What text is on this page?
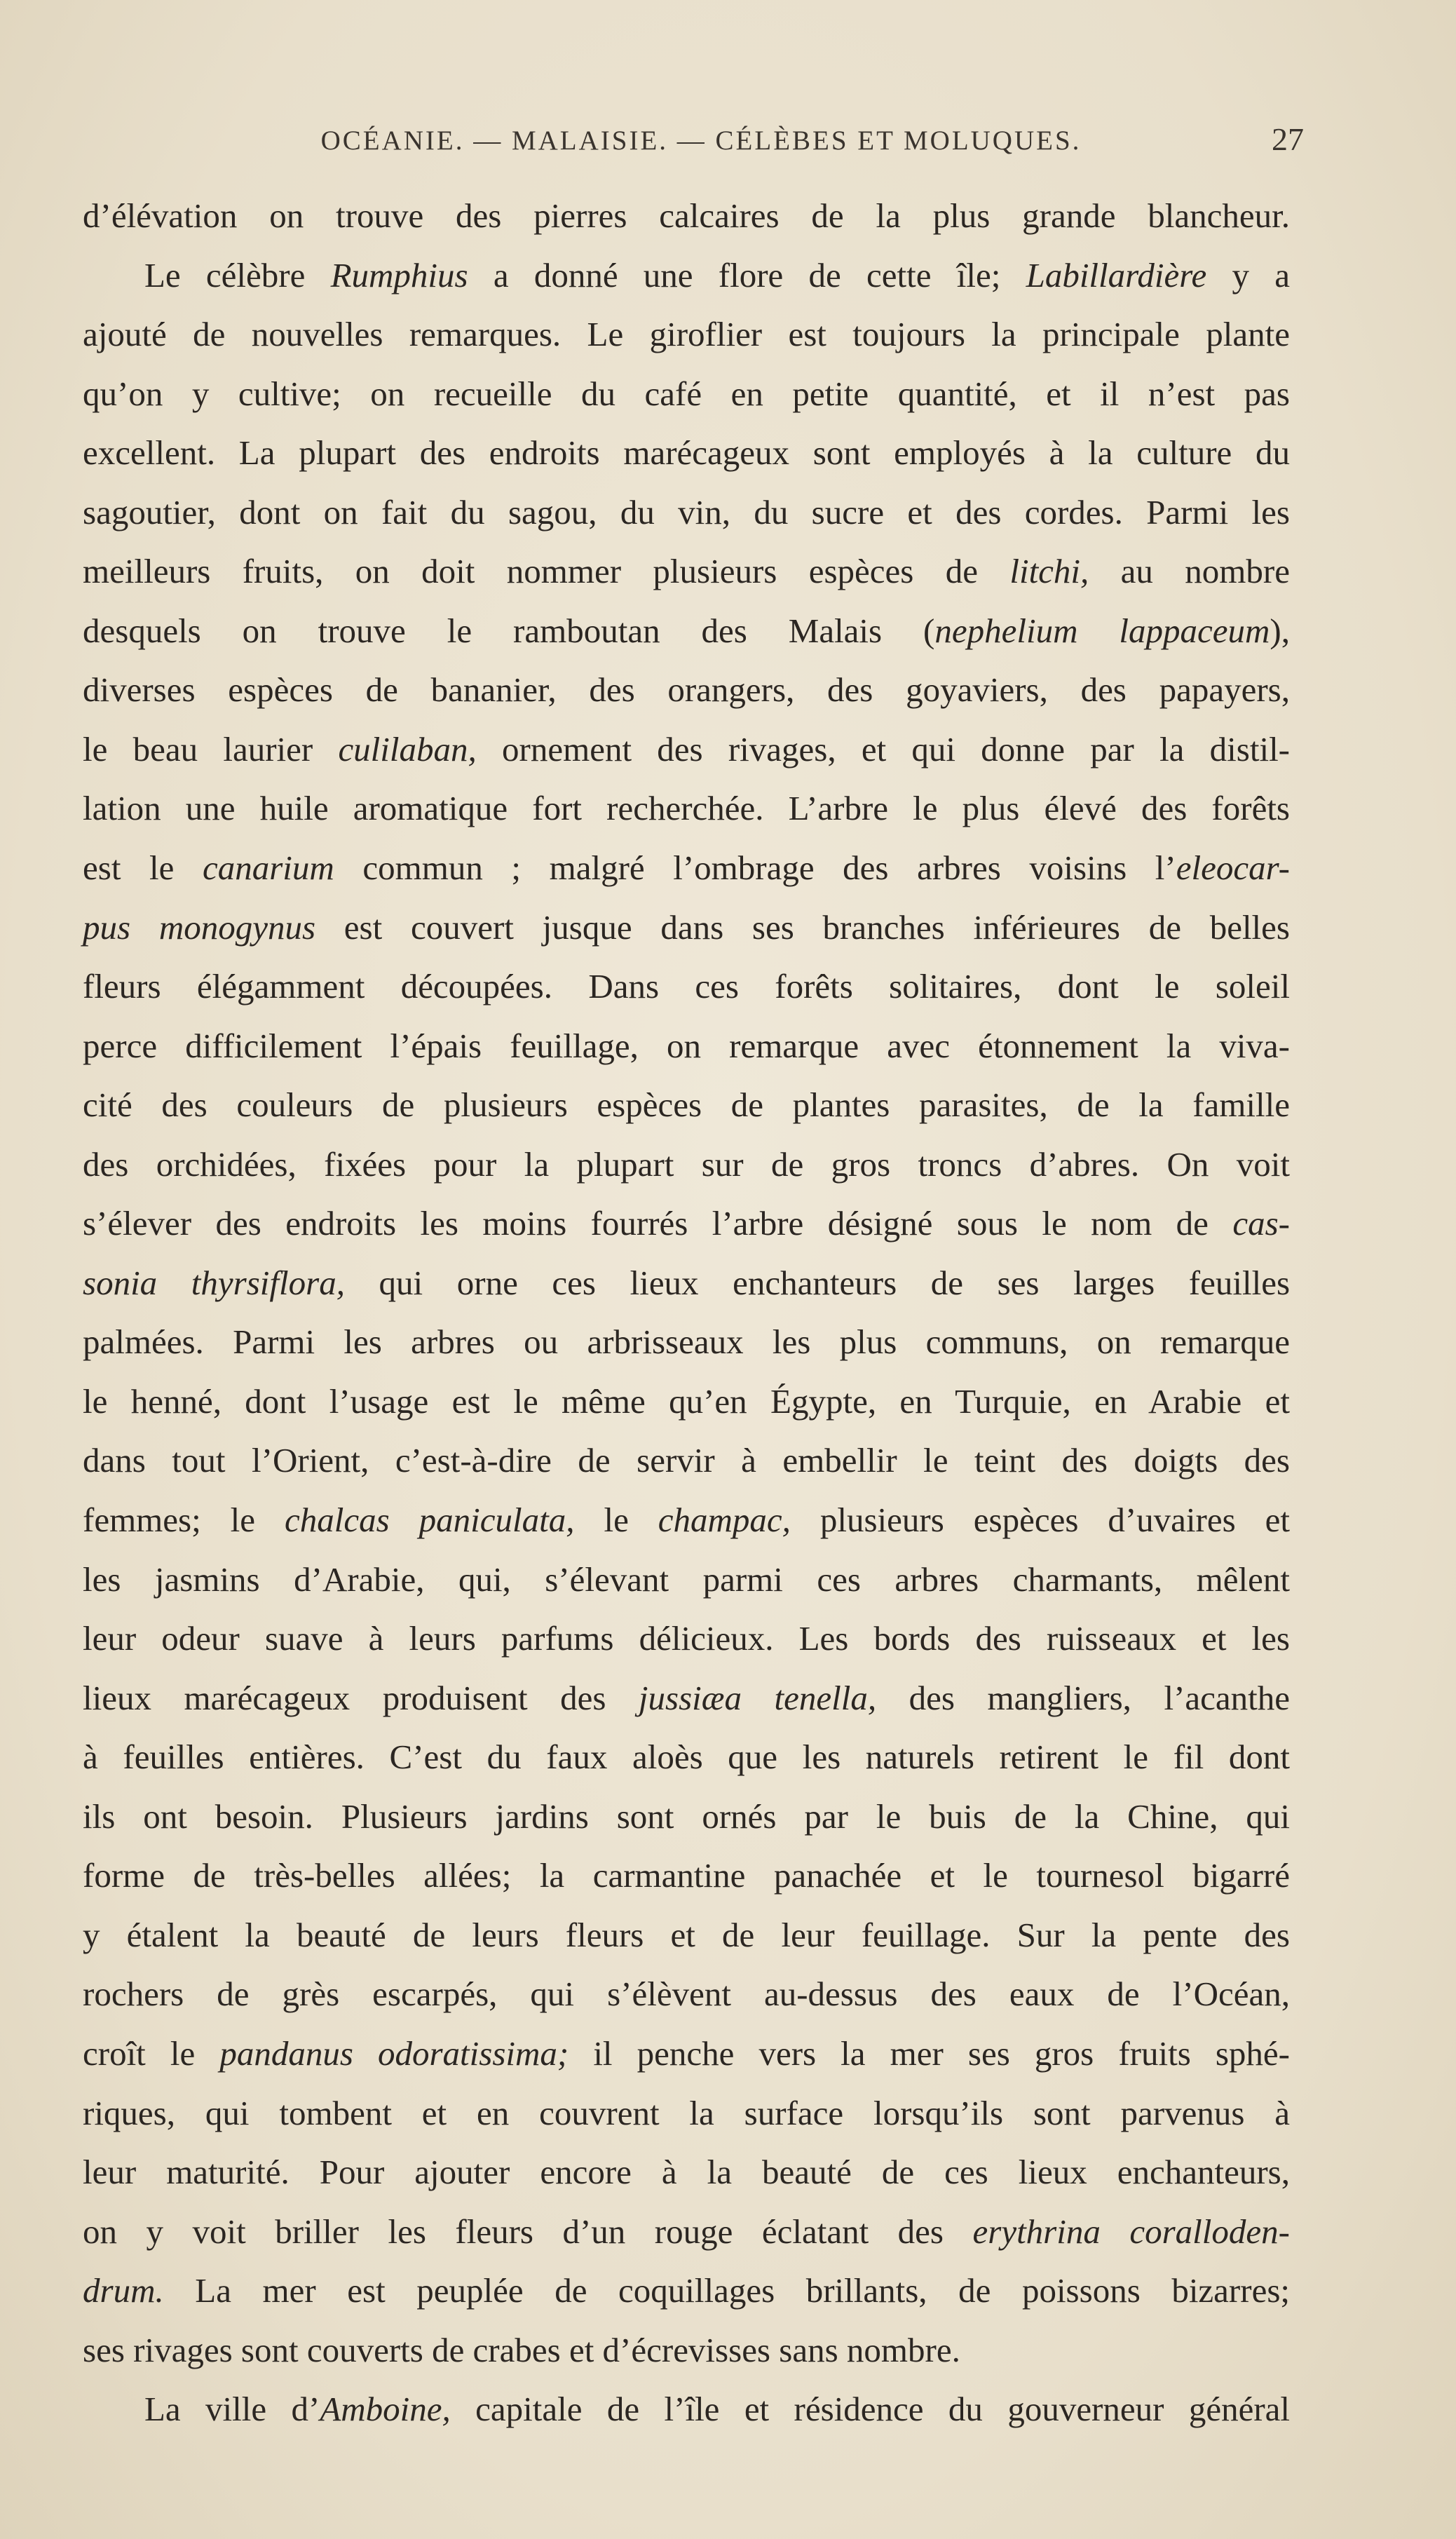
OCÉANIE. — MALAISIE. — CÉLÈBES ET MOLUQUES.	27
d’élévation on trouve des pierres calcaires de la plus grande blancheur.
Le célèbre Rumphius a donné une flore de cette île; Labillardière y a
ajouté de nouvelles remarques. Le giroflier est toujours la principale plante
qu’on y cultive; on recueille du café en petite quantité, et il n’est pas
excellent. La plupart des endroits marécageux sont employés à la culture du
sagoutier, dont on fait du sagou, du vin, du sucre et des cordes. Parmi les
meilleurs fruits, on doit nommer plusieurs espèces de litchi, au nombre
desquels on trouve le ramboutan des Malais (nephelium lappaceum),
diverses espèces de bananier, des orangers, des goyaviers, des papayers,
le beau laurier culilaban, ornement des rivages, et qui donne par la distil-
lation une huile aromatique fort recherchée. L’arbre le plus élevé des forêts
est le canarium commun ; malgré l’ombrage des arbres voisins l’eleocar-
pus monogynus est couvert jusque dans ses branches inférieures de belles
fleurs élégamment découpées. Dans ces forêts solitaires, dont le soleil
perce difficilement l’épais feuillage, on remarque avec étonnement la viva-
cité des couleurs de plusieurs espèces de plantes parasites, de la famille
des orchidées, fixées pour la plupart sur de gros troncs d’abres. On voit
s’élever des endroits les moins fourrés l’arbre désigné sous le nom de cas-
sonia thyrsiflora, qui orne ces lieux enchanteurs de ses larges feuilles
palmées. Parmi les arbres ou arbrisseaux les plus communs, on remarque
le henné, dont l’usage est le même qu’en Égypte, en Turquie, en Arabie et
dans tout l’Orient, c’est-à-dire de servir à embellir le teint des doigts des
femmes; le chalcas paniculata, le champac, plusieurs espèces d’uvaires et
les jasmins d’Arabie, qui, s’élevant parmi ces arbres charmants, mêlent
leur odeur suave à leurs parfums délicieux. Les bords des ruisseaux et les
lieux marécageux produisent des jussiæa tenella, des mangliers, l’acanthe
à feuilles entières. C’est du faux aloès que les naturels retirent le fil dont
ils ont besoin. Plusieurs jardins sont ornés par le buis de la Chine, qui
forme de très-belles allées; la carmantine panachée et le tournesol bigarré
y étalent la beauté de leurs fleurs et de leur feuillage. Sur la pente des
rochers de grès escarpés, qui s’élèvent au-dessus des eaux de l’Océan,
croît le pandanus odoratissima; il penche vers la mer ses gros fruits sphé-
riques, qui tombent et en couvrent la surface lorsqu’ils sont parvenus à
leur maturité. Pour ajouter encore à la beauté de ces lieux enchanteurs,
on y voit briller les fleurs d’un rouge éclatant des erythrina coralloden-
drum. La mer est peuplée de coquillages brillants, de poissons bizarres;
ses rivages sont couverts de crabes et d’écrevisses sans nombre.
La ville d’Amboine, capitale de l’île et résidence du gouverneur général
